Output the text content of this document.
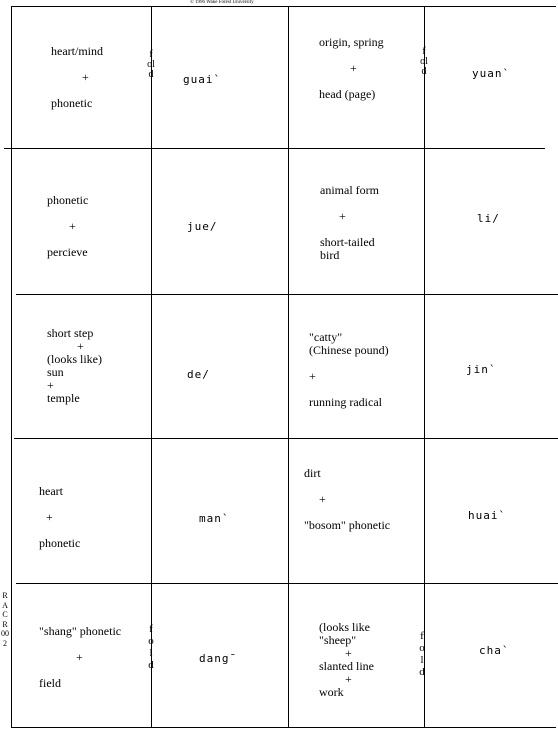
© 1996 Wake Forest University
RACR 002
fold
fold
fold
fold
heart/mind
+
phonetic
guai`
origin, spring
+
head (page)
yuan`
phonetic
+
percieve
jue/
animal form
+
short-tailed
bird
li/
short step
+
(looks like)
sun
+
temple
de/
"catty"
(Chinese pound)
+
running radical
jin`
heart
+
phonetic
man`
dirt
+
"bosom" phonetic
huai`
"shang" phonetic
+
field
dang¯
(looks like
"sheep"
+
slanted line
+
work
cha`
